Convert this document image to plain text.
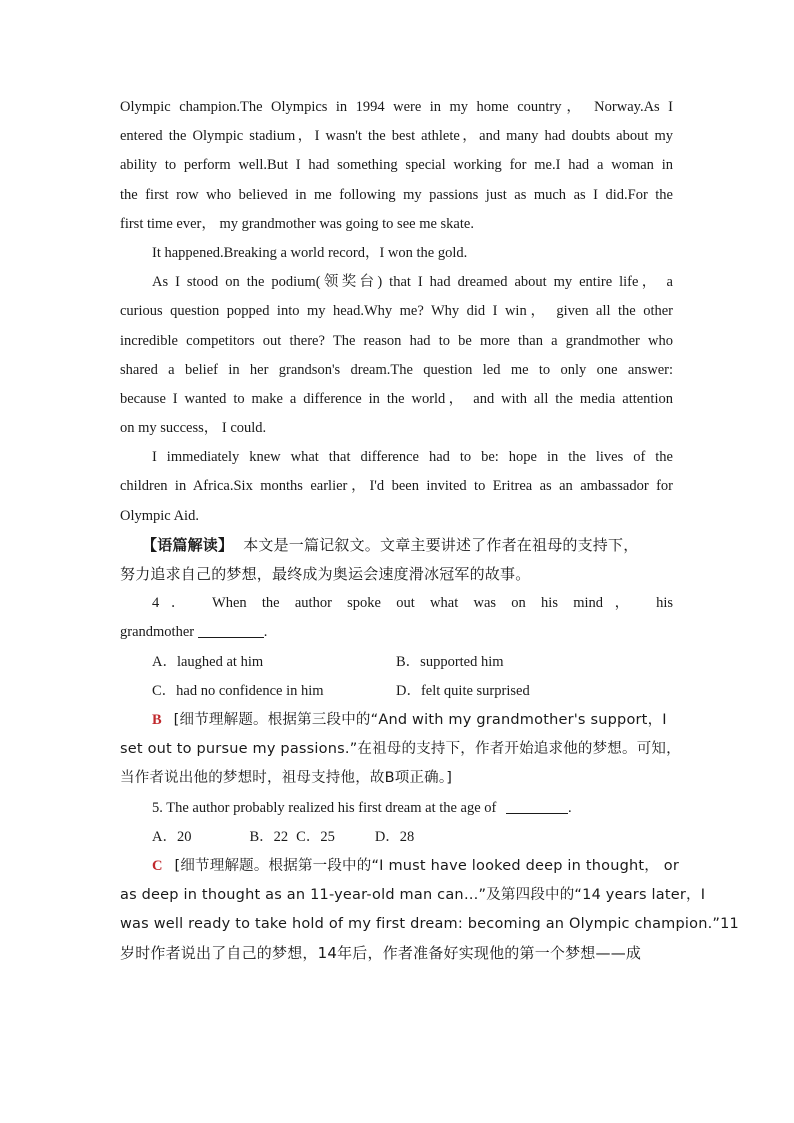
Olympic champion.The Olympics in 1994 were in my home country， Norway.As I
entered the Olympic stadium，I wasn't the best athlete，and many had doubts about my
ability to perform well.But I had something special working for me.I had a woman in
the first row who believed in me following my passions just as much as I did.For the
first time ever， my grandmother was going to see me skate.
It happened.Breaking a world record，I won the gold.
As I stood on the podium(领奖台) that I had dreamed about my entire life， a
curious question popped into my head.Why me? Why did I win， given all the other
incredible competitors out there? The reason had to be more than a grandmother who
shared a belief in her grandson's dream.The question led me to only one answer:
because I wanted to make a difference in the world， and with all the media attention
on my success， I could.
I immediately knew what that difference had to be: hope in the lives of the
children in Africa.Six months earlier，I'd been invited to Eritrea as an ambassador for
Olympic Aid.
【语篇解读】 本文是一篇记叙文。文章主要讲述了作者在祖母的支持下，
努力追求自己的梦想，最终成为奥运会速度滑冰冠军的故事。
4． When the author spoke out what was on his mind， his
grandmother	.
A．laughed at him	B．supported him
C．had no confidence in him	D．felt quite surprised
B [细节理解题。根据第三段中的“And with my grandmother's support，I
set out to pursue my passions.”在祖母的支持下，作者开始追求他的梦想。可知，
当作者说出他的梦想时，祖母支持他，故B项正确。]
5. The author probably realized his first dream at the age of	.
A．20	B．22 C．25	D．28
C [细节理解题。根据第一段中的“I must have looked deep in thought， or
as deep in thought as an 11-year-old man can…”及第四段中的“14 years later，I
was well ready to take hold of my first dream: becoming an Olympic champion.”11
岁时作者说出了自己的梦想，14年后，作者准备好实现他的第一个梦想——成
